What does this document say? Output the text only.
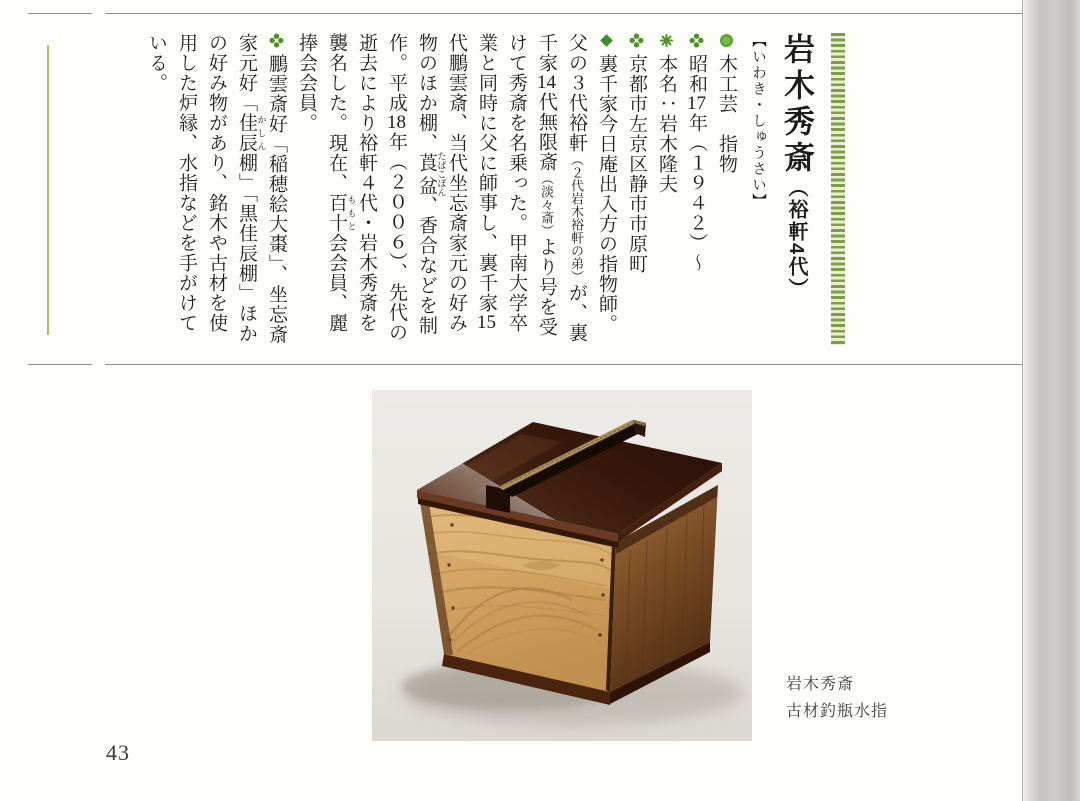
岩木秀斎（裕軒4代）
【いわき・しゅうさい】
木工芸　指物
昭和17年（１９４２）～
本名：岩木隆夫
京都市左京区静市市原町
裏千家今日庵出入方の指物師。父の３代裕軒（２代岩木裕軒の弟）が、裏千家14代無限斎（淡々斎）より号を受けて秀斎を名乗った。甲南大学卒業と同時に父に師事し、裏千家15代鵬雲斎、当代坐忘斎家元の好み物のほか棚、莨盆 たばこぼん、香合などを制作。平成18年（２００６）、先代の逝去により裕軒４代・岩木秀斎を襲名した。現在、百十 ももと会会員、麗捧会会員。
鵬雲斎好「稲穂絵大棗」、坐忘斎家元好「佳辰 かしん棚」「黒佳辰棚」ほかの好み物があり、銘木や古材を使用した炉縁、水指などを手がけている。
岩木秀斎
古材釣瓶水指
43
